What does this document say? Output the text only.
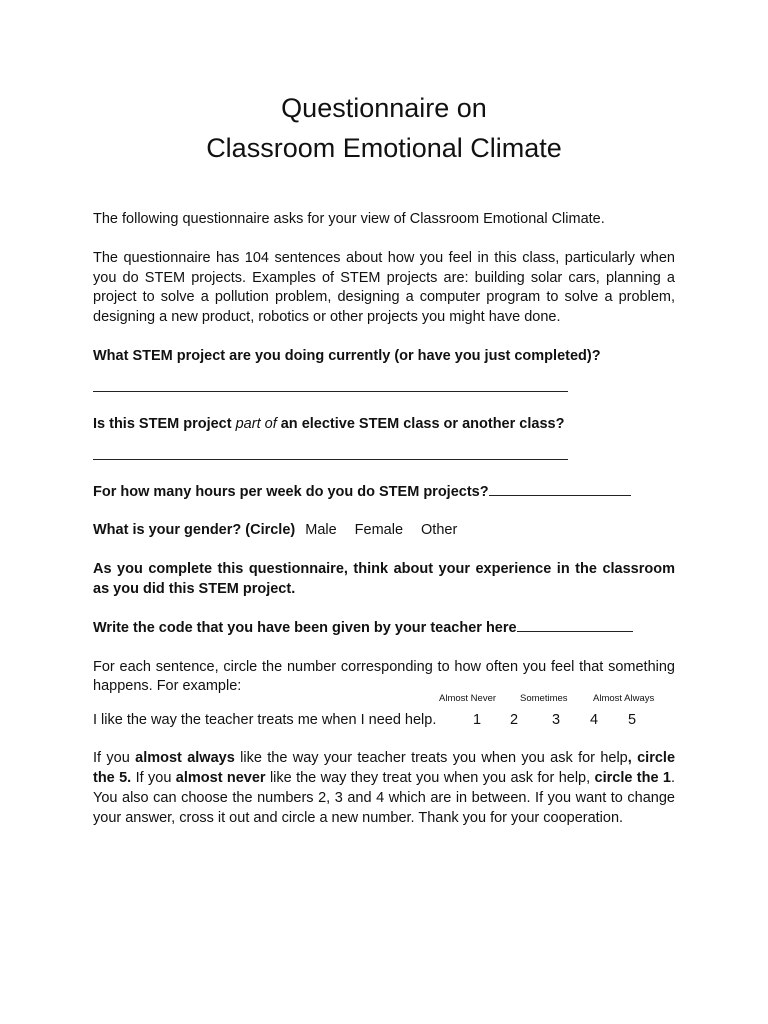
Questionnaire on
Classroom Emotional Climate

The following questionnaire asks for your view of Classroom Emotional Climate.

The questionnaire has 104 sentences about how you feel in this class, particularly when you do STEM projects. Examples of STEM projects are: building solar cars, planning a project to solve a pollution problem, designing a computer program to solve a problem, designing a new product, robotics or other projects you might have done.

What STEM project are you doing currently (or have you just completed)?

Is this STEM project part of an elective STEM class or another class?

For how many hours per week do you do STEM projects?

What is your gender? (Circle) Male Female Other

As you complete this questionnaire, think about your experience in the classroom as you did this STEM project.

Write the code that you have been given by your teacher here

For each sentence, circle the number corresponding to how often you feel that something happens. For example:

Almost Never	Sometimes	Almost Always
I like the way the teacher treats me when I need help.	1 2 3 4 5

If you almost always like the way your teacher treats you when you ask for help, circle the 5. If you almost never like the way they treat you when you ask for help, circle the 1. You also can choose the numbers 2, 3 and 4 which are in between. If you want to change your answer, cross it out and circle a new number. Thank you for your cooperation.
